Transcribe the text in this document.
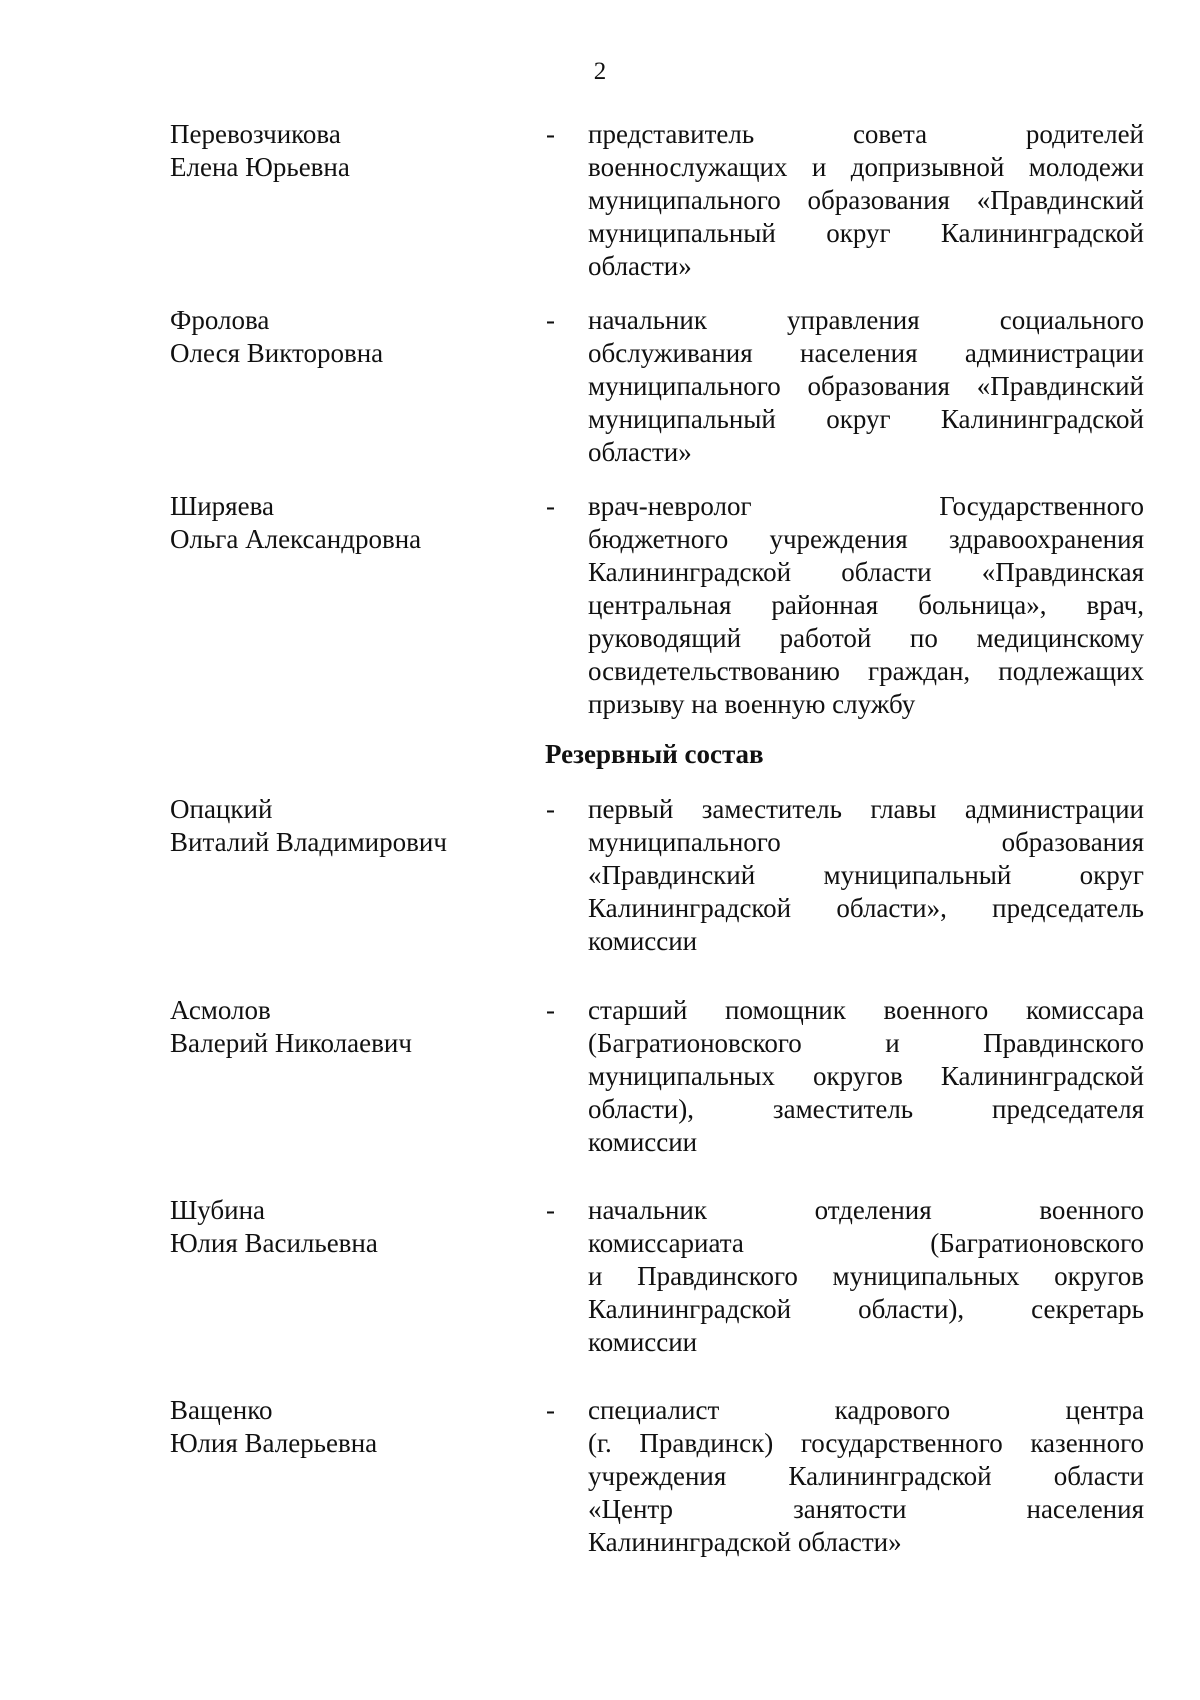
2
Перевозчикова
Елена Юрьевна
- представитель совета родителей
военнослужащих и допризывной молодежи
муниципального образования «Правдинский
муниципальный округ Калининградской
области»
Фролова
Олеся Викторовна
- начальник управления социального
обслуживания населения администрации
муниципального образования «Правдинский
муниципальный округ Калининградской
области»
Ширяева
Ольга Александровна
- врач-невролог Государственного
бюджетного учреждения здравоохранения
Калининградской области «Правдинская
центральная районная больница», врач,
руководящий работой по медицинскому
освидетельствованию граждан, подлежащих
призыву на военную службу
Резервный состав
Опацкий
Виталий Владимирович
- первый заместитель главы администрации
муниципального образования
«Правдинский муниципальный округ
Калининградской области», председатель
комиссии
Асмолов
Валерий Николаевич
- старший помощник военного комиссара
(Багратионовского и Правдинского
муниципальных округов Калининградской
области), заместитель председателя
комиссии
Шубина
Юлия Васильевна
- начальник отделения военного
комиссариата (Багратионовского
и Правдинского муниципальных округов
Калининградской области), секретарь
комиссии
Ващенко
Юлия Валерьевна
- специалист кадрового центра
(г. Правдинск) государственного казенного
учреждения Калининградской области
«Центр занятости населения
Калининградской области»
